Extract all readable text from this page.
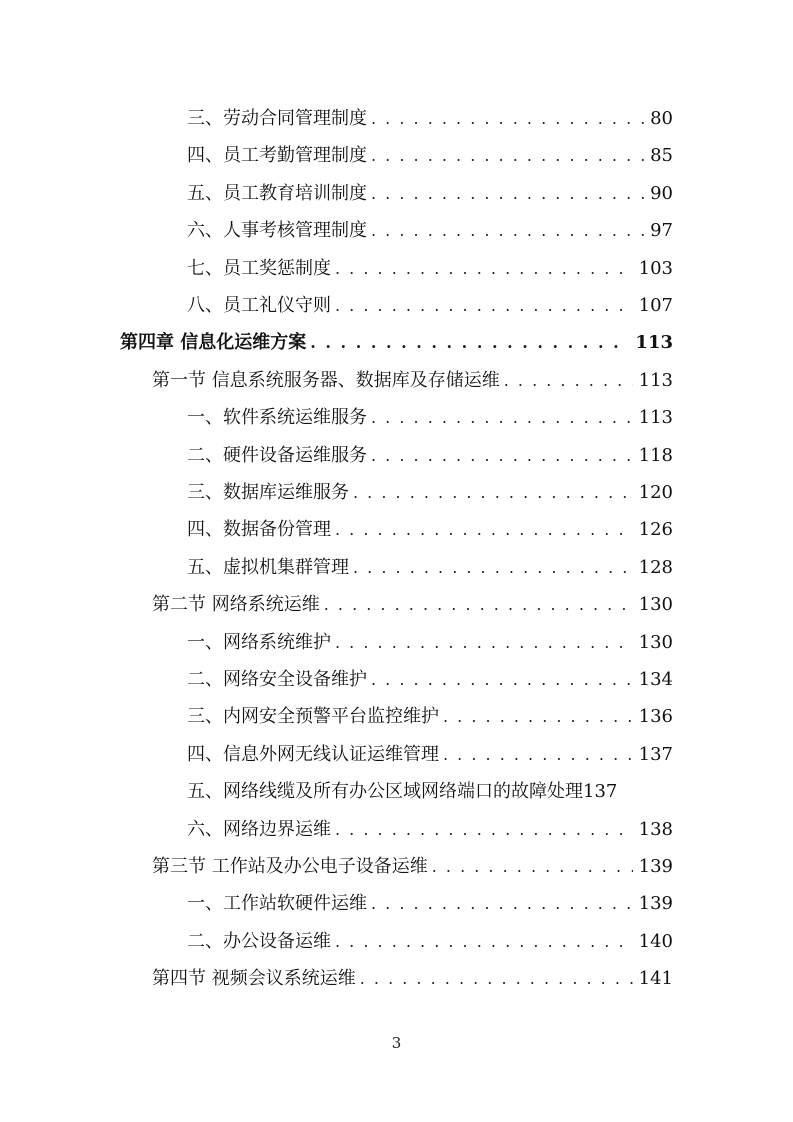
三、劳动合同管理制度 . . .	80
四、员工考勤管理制度 . . .	85
五、员工教育培训制度 . . .	90
六、人事考核管理制度 . . .	97
七、员工奖惩制度 . . .	103
八、员工礼仪守则 . . .	107
第四章 信息化运维方案 . . .	113
第一节 信息系统服务器、数据库及存储运维 . . .	113
一、软件系统运维服务 . . .	113
二、硬件设备运维服务 . . .	118
三、数据库运维服务 . . .	120
四、数据备份管理 . . .	126
五、虚拟机集群管理 . . .	128
第二节 网络系统运维 . . .	130
一、网络系统维护 . . .	130
二、网络安全设备维护 . . .	134
三、内网安全预警平台监控维护 . . .	136
四、信息外网无线认证运维管理 . . .	137
五、网络线缆及所有办公区域网络端口的故障处理 137
六、网络边界运维 . . .	138
第三节 工作站及办公电子设备运维 . . .	139
一、工作站软硬件运维 . . .	139
二、办公设备运维 . . .	140
第四节 视频会议系统运维 . . .	141
3
